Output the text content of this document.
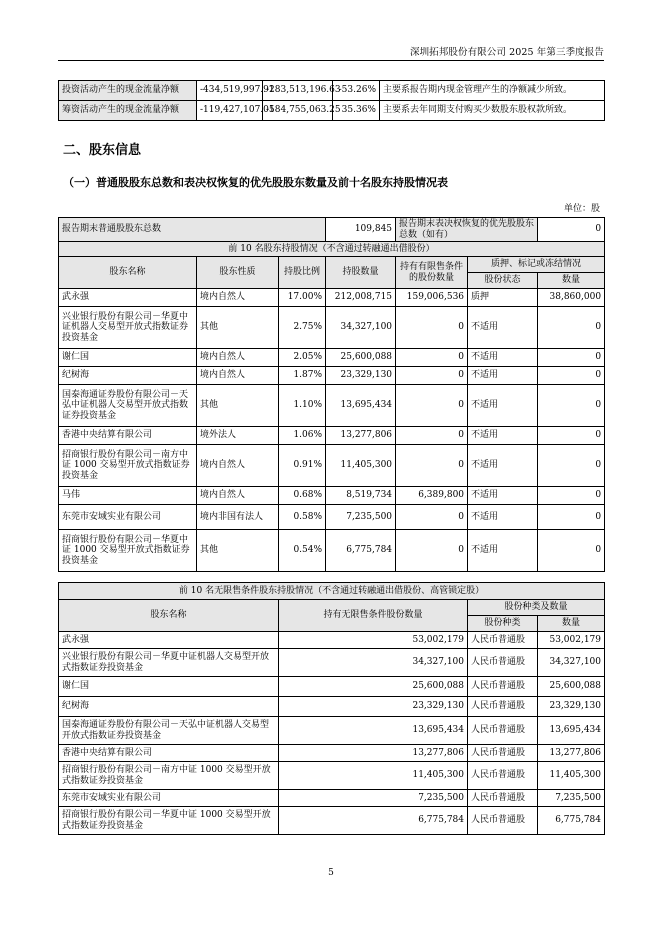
深圳拓邦股份有限公司 2025 年第三季度报告
投资活动产生的现金流量净额	-434,519,997.91	-283,513,196.63	-53.26%	主要系报告期内现金管理产生的净额减少所致。
筹资活动产生的现金流量净额	-119,427,107.05	-184,755,063.25	35.36%	主要系去年同期支付购买少数股东股权款所致。
二、股东信息
（一）普通股股东总数和表决权恢复的优先股股东数量及前十名股东持股情况表
单位：股
报告期末普通股股东总数			109,845	报告期末表决权恢复的优先股股东总数（如有）		0
前 10 名股东持股情况（不含通过转融通出借股份）						
股东名称	股东性质	持股比例	持股数量	持有有限售条件的股份数量	质押、标记或冻结情况	
					股份状态	数量
武永强	境内自然人	17.00%	212,008,715	159,006,536	质押	38,860,000
兴业银行股份有限公司－华夏中证机器人交易型开放式指数证券投资基金	其他	2.75%	34,327,100	0	不适用	0
谢仁国	境内自然人	2.05%	25,600,088	0	不适用	0
纪树海	境内自然人	1.87%	23,329,130	0	不适用	0
国泰海通证券股份有限公司－天弘中证机器人交易型开放式指数证券投资基金	其他	1.10%	13,695,434	0	不适用	0
香港中央结算有限公司	境外法人	1.06%	13,277,806	0	不适用	0
招商银行股份有限公司－南方中证 1000 交易型开放式指数证券投资基金	境内自然人	0.91%	11,405,300	0	不适用	0
马伟	境内自然人	0.68%	8,519,734	6,389,800	不适用	0
东莞市安域实业有限公司	境内非国有法人	0.58%	7,235,500	0	不适用	0
招商银行股份有限公司－华夏中证 1000 交易型开放式指数证券投资基金	其他	0.54%	6,775,784	0	不适用	0
前 10 名无限售条件股东持股情况（不含通过转融通出借股份、高管锁定股）			
股东名称	持有无限售条件股份数量	股份种类及数量	
		股份种类	数量
武永强	53,002,179	人民币普通股	53,002,179
兴业银行股份有限公司－华夏中证机器人交易型开放式指数证券投资基金	34,327,100	人民币普通股	34,327,100
谢仁国	25,600,088	人民币普通股	25,600,088
纪树海	23,329,130	人民币普通股	23,329,130
国泰海通证券股份有限公司－天弘中证机器人交易型开放式指数证券投资基金	13,695,434	人民币普通股	13,695,434
香港中央结算有限公司	13,277,806	人民币普通股	13,277,806
招商银行股份有限公司－南方中证 1000 交易型开放式指数证券投资基金	11,405,300	人民币普通股	11,405,300
东莞市安域实业有限公司	7,235,500	人民币普通股	7,235,500
招商银行股份有限公司－华夏中证 1000 交易型开放式指数证券投资基金	6,775,784	人民币普通股	6,775,784
5
